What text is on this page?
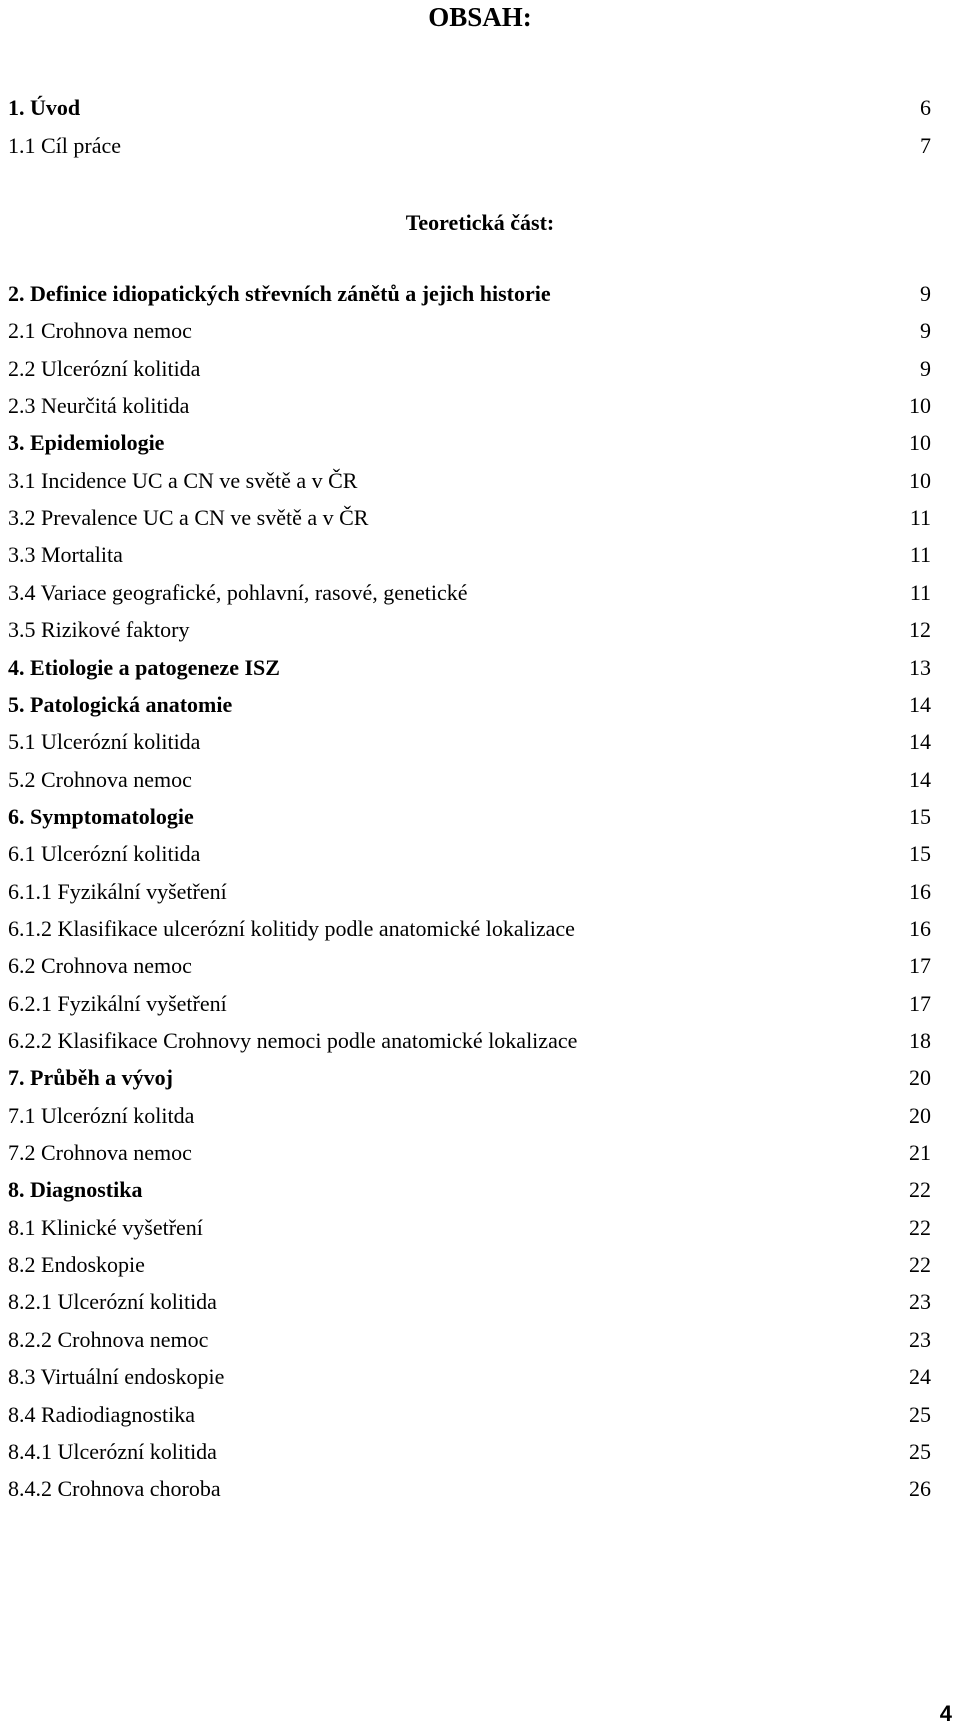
OBSAH:
1. Úvod	6
1.1 Cíl práce	7
Teoretická část:
2. Definice idiopatických střevních zánětů a jejich historie	9
2.1 Crohnova nemoc	9
2.2 Ulcerózní kolitida	9
2.3 Neurčitá kolitida	10
3. Epidemiologie	10
3.1 Incidence UC a CN ve světě a v ČR	10
3.2 Prevalence UC a CN ve světě a v ČR	11
3.3 Mortalita	11
3.4 Variace geografické, pohlavní, rasové, genetické	11
3.5 Rizikové faktory	12
4. Etiologie a patogeneze ISZ	13
5. Patologická anatomie	14
5.1 Ulcerózní kolitida	14
5.2 Crohnova nemoc	14
6. Symptomatologie	15
6.1 Ulcerózní kolitida	15
6.1.1 Fyzikální vyšetření	16
6.1.2 Klasifikace ulcerózní kolitidy podle anatomické lokalizace	16
6.2 Crohnova nemoc	17
6.2.1 Fyzikální vyšetření	17
6.2.2 Klasifikace Crohnovy nemoci podle anatomické lokalizace	18
7. Průběh a vývoj	20
7.1 Ulcerózní kolitda	20
7.2 Crohnova nemoc	21
8. Diagnostika	22
8.1 Klinické vyšetření	22
8.2 Endoskopie	22
8.2.1 Ulcerózní kolitida	23
8.2.2 Crohnova nemoc	23
8.3 Virtuální endoskopie	24
8.4 Radiodiagnostika	25
8.4.1 Ulcerózní kolitida	25
8.4.2 Crohnova choroba	26
4
